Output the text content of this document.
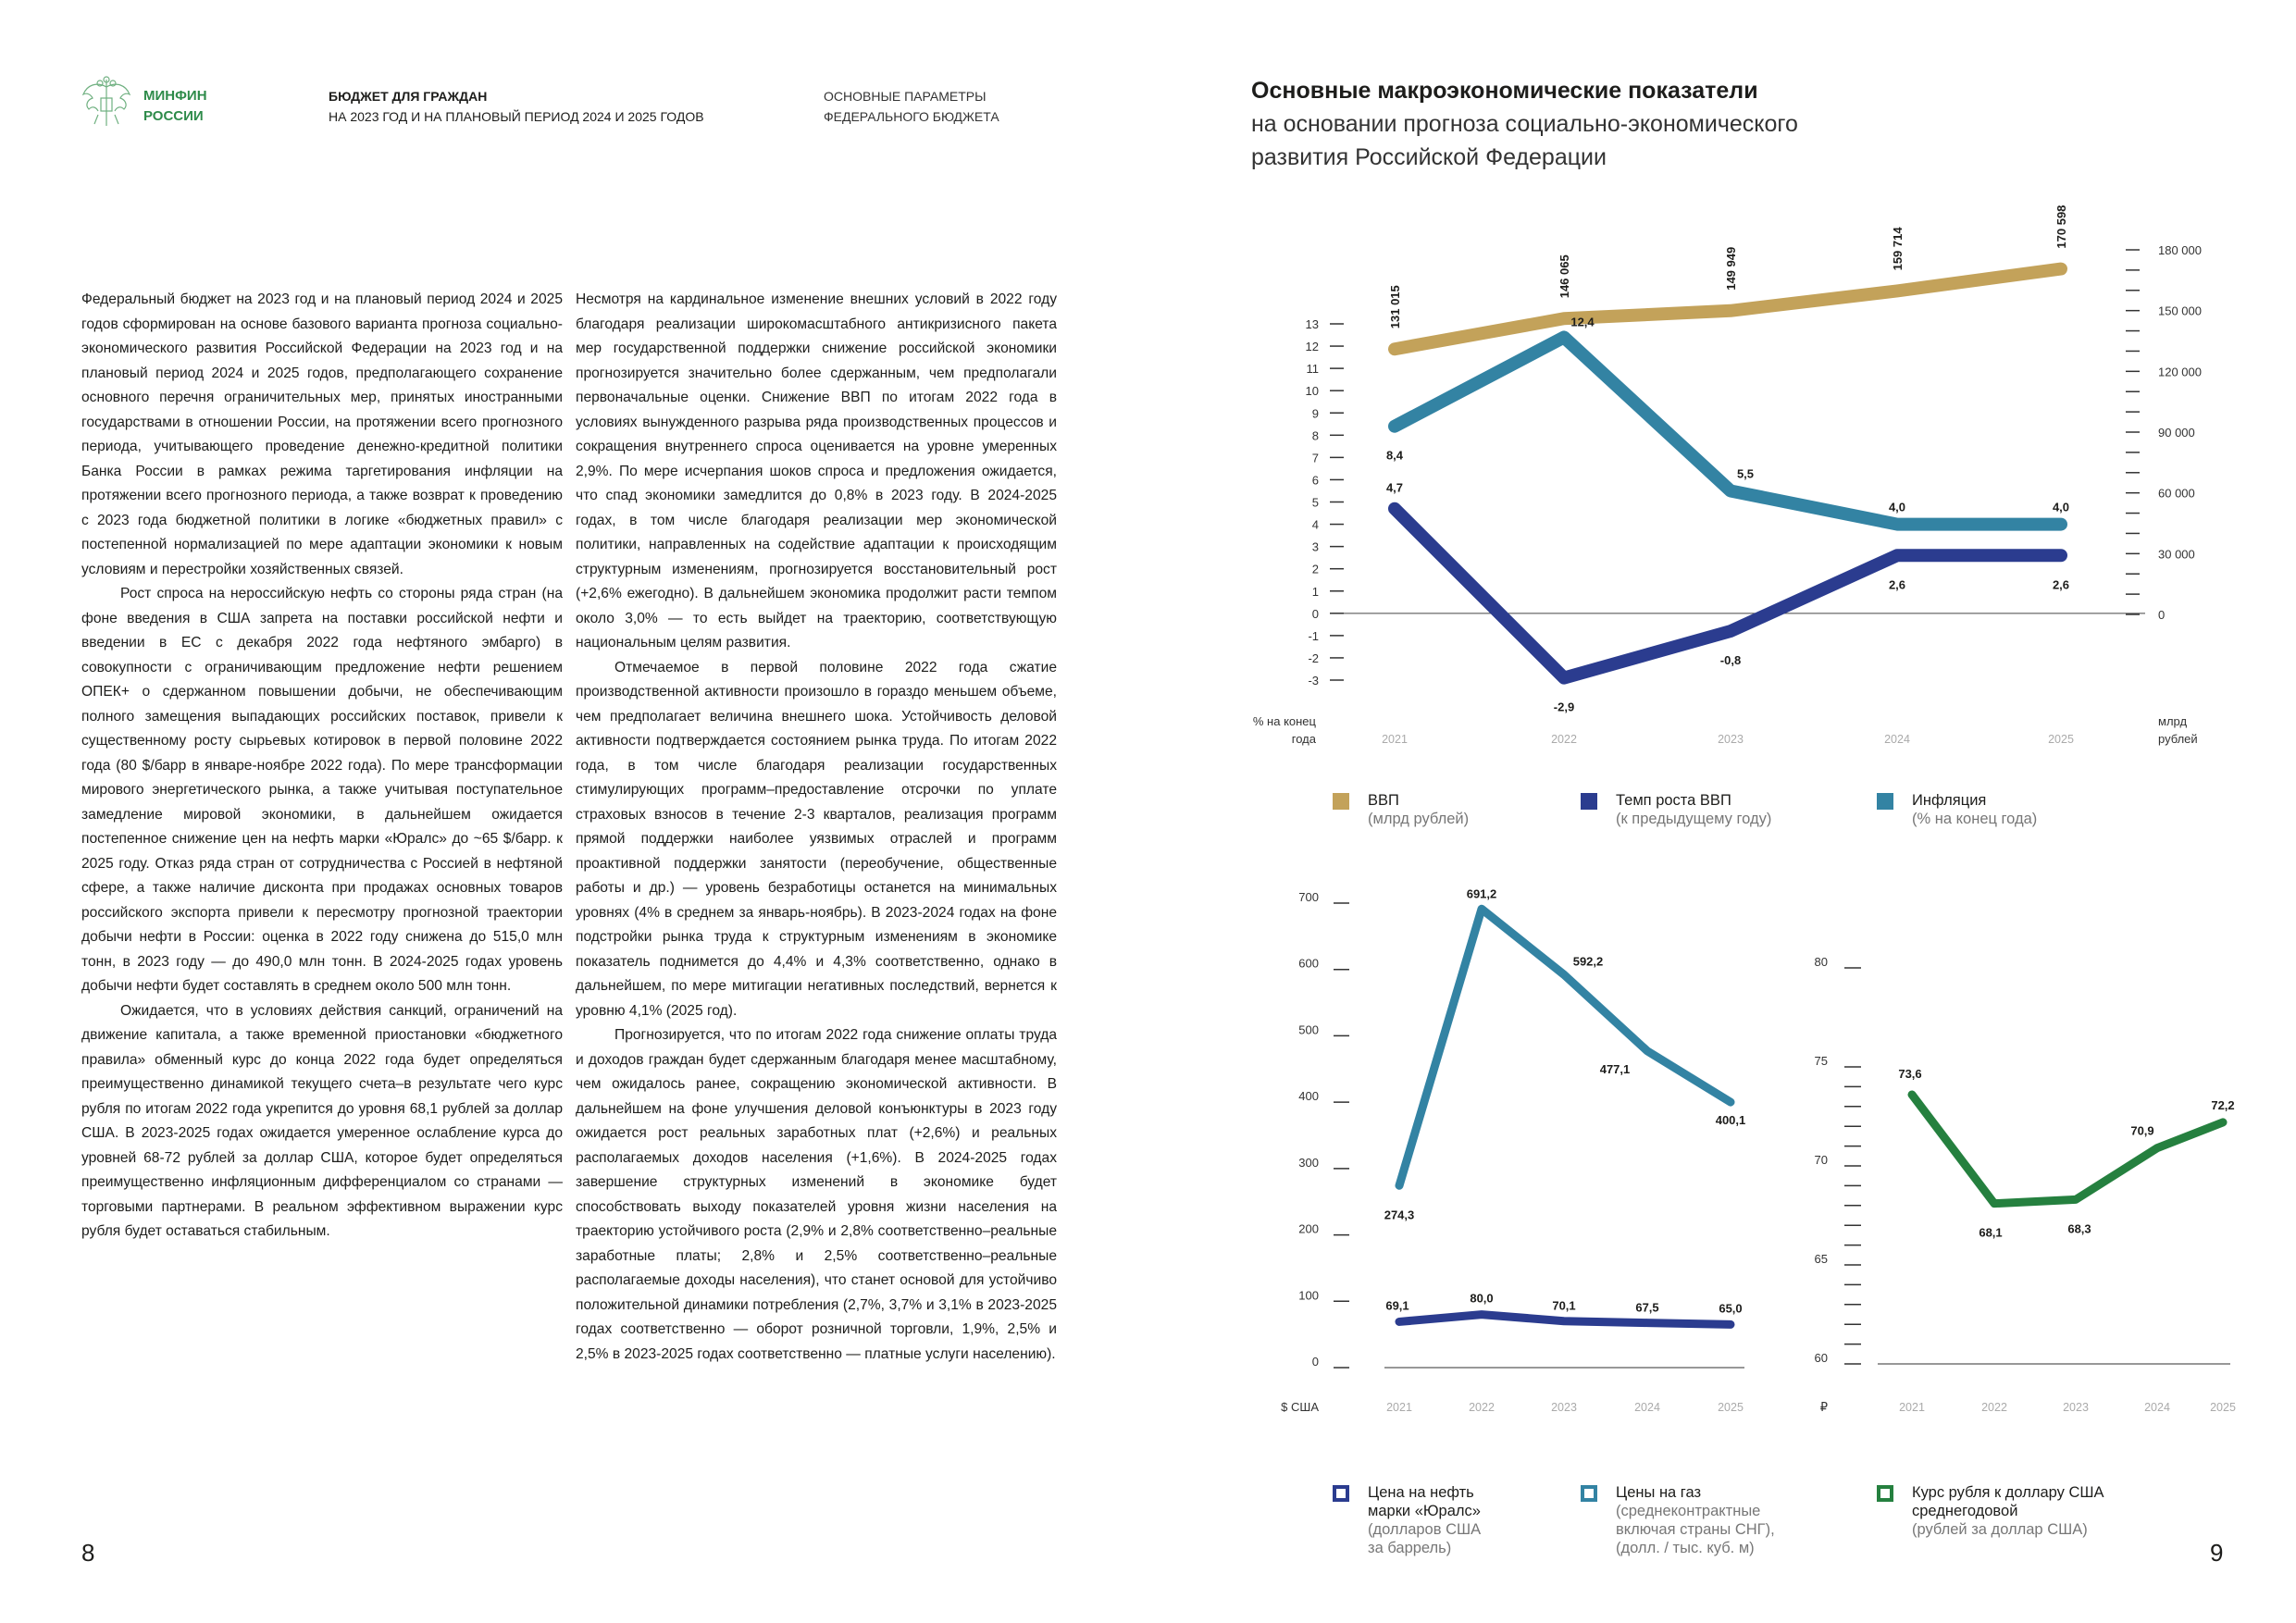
МИНФИН
РОССИИ
БЮДЖЕТ ДЛЯ ГРАЖДАН
НА 2023 ГОД И НА ПЛАНОВЫЙ ПЕРИОД 2024 И 2025 ГОДОВ
ОСНОВНЫЕ ПАРАМЕТРЫ
ФЕДЕРАЛЬНОГО БЮДЖЕТА
Основные макроэкономические показатели
на основании прогноза социально-экономического
развития Российской Федерации

Федеральный бюджет на 2023 год и на плановый период 2024 и 2025 годов сформирован на основе базового варианта прогноза социально-экономического развития Российской Федерации на 2023 год и на плановый период 2024 и 2025 годов, предполагающего сохранение основного перечня ограничительных мер, принятых иностранными государствами в отношении России, на протяжении всего прогнозного периода, учитывающего проведение денежно-кредитной политики Банка России в рамках режима таргетирования инфляции на протяжении всего прогнозного периода, а также возврат к проведению с 2023 года бюджетной политики в логике «бюджетных правил» с постепенной нормализацией по мере адаптации экономики к новым условиям и перестройки хозяйственных связей.

Рост спроса на нероссийскую нефть со стороны ряда стран (на фоне введения в США запрета на поставки российской нефти и введении в ЕС с декабря 2022 года нефтяного эмбарго) в совокупности с ограничивающим предложение нефти решением ОПЕК+ о сдержанном повышении добычи, не обеспечивающим полного замещения выпадающих российских поставок, привели к существенному росту сырьевых котировок в первой половине 2022 года (80 $/барр в январе-ноябре 2022 года). По мере трансформации мирового энергетического рынка, а также учитывая поступательное замедление мировой экономики, в дальнейшем ожидается постепенное снижение цен на нефть марки «Юралс» до ~65 $/барр. к 2025 году. Отказ ряда стран от сотрудничества с Россией в нефтяной сфере, а также наличие дисконта при продажах основных товаров российского экспорта привели к пересмотру прогнозной траектории добычи нефти в России: оценка в 2022 году снижена до 515,0 млн тонн, в 2023 году — до 490,0 млн тонн. В 2024-2025 годах уровень добычи нефти будет составлять в среднем около 500 млн тонн.

Ожидается, что в условиях действия санкций, ограничений на движение капитала, а также временной приостановки «бюджетного правила» обменный курс до конца 2022 года будет определяться преимущественно динамикой текущего счета–в результате чего курс рубля по итогам 2022 года укрепится до уровня 68,1 рублей за доллар США. В 2023-2025 годах ожидается умеренное ослабление курса до уровней 68-72 рублей за доллар США, которое будет определяться преимущественно инфляционным дифференциалом со странами — торговыми партнерами. В реальном эффективном выражении курс рубля будет оставаться стабильным.

Несмотря на кардинальное изменение внешних условий в 2022 году благодаря реализации широкомасштабного антикризисного пакета мер государственной поддержки снижение российской экономики прогнозируется значительно более сдержанным, чем предполагали первоначальные оценки. Снижение ВВП по итогам 2022 года в условиях вынужденного разрыва ряда производственных процессов и сокращения внутреннего спроса оценивается на уровне умеренных 2,9%. По мере исчерпания шоков спроса и предложения ожидается, что спад экономики замедлится до 0,8% в 2023 году. В 2024-2025 годах, в том числе благодаря реализации мер экономической политики, направленных на содействие адаптации к происходящим структурным изменениям, прогнозируется восстановительный рост (+2,6% ежегодно). В дальнейшем экономика продолжит расти темпом около 3,0% — то есть выйдет на траекторию, соответствующую национальным целям развития.

Отмечаемое в первой половине 2022 года сжатие производственной активности произошло в гораздо меньшем объеме, чем предполагает величина внешнего шока. Устойчивость деловой активности подтверждается состоянием рынка труда. По итогам 2022 года, в том числе благодаря реализации государственных стимулирующих программ–предоставление отсрочки по уплате страховых взносов в течение 2-3 кварталов, реализация программ прямой поддержки наиболее уязвимых отраслей и программ проактивной поддержки занятости (переобучение, общественные работы и др.) — уровень безработицы останется на минимальных уровнях (4% в среднем за январь-ноябрь). В 2023-2024 годах на фоне подстройки рынка труда к структурным изменениям в экономике показатель поднимется до 4,4% и 4,3% соответственно, однако в дальнейшем, по мере митигации негативных последствий, вернется к уровню 4,1% (2025 год).

Прогнозируется, что по итогам 2022 года снижение оплаты труда и доходов граждан будет сдержанным благодаря менее масштабному, чем ожидалось ранее, сокращению экономической активности. В дальнейшем на фоне улучшения деловой конъюнктуры в 2023 году ожидается рост реальных заработных плат (+2,6%) и реальных располагаемых доходов населения (+1,6%). В 2024-2025 годах завершение структурных изменений в экономике будет способствовать выходу показателей уровня жизни населения на траекторию устойчивого роста (2,9% и 2,8% соответственно–реальные заработные платы; 2,8% и 2,5% соответственно–реальные располагаемые доходы населения), что станет основой для устойчиво положительной динамики потребления (2,7%, 3,7% и 3,1% в 2023-2025 годах соответственно — оборот розничной торговли, 1,9%, 2,5% и 2,5% в 2023-2025 годах соответственно — платные услуги населению).

8	9
-3
-2
-1
0
1
2
3
4
5
6
7
8
9
10
11
12
13
0
30 000
60 000
90 000
120 000
150 000
180 000
% на конец
года
млрд
рублей
2021	2022	2023	2024	2025
131 015
146 065	149 949	159 714
170 598
4,7
-2,9
-0,8
2,6	2,6
8,4
12,4
5,5
4,0	4,0
0
100
200
300
400
500
600
700
$ США	2021	2022	2023	2024	2025
69,1
80,0
70,1	67,5	65,0
274,3
691,2
592,2
477,1
400,1
60
65
70
75
80
₽	2021	2022	2023	2024	2025
73,6
68,1	68,3
70,9
72,2
ВВП
(млрд рублей)
Темп роста ВВП
(к предыдущему году)
Инфляция
(% на конец года)
Цена на нефть
марки «Юралс»
(долларов США
за баррель)
Цены на газ
(среднеконтрактные
включая страны СНГ),
(долл. / тыс. куб. м)
Курс рубля к доллару США
среднегодовой
(рублей за доллар США)
